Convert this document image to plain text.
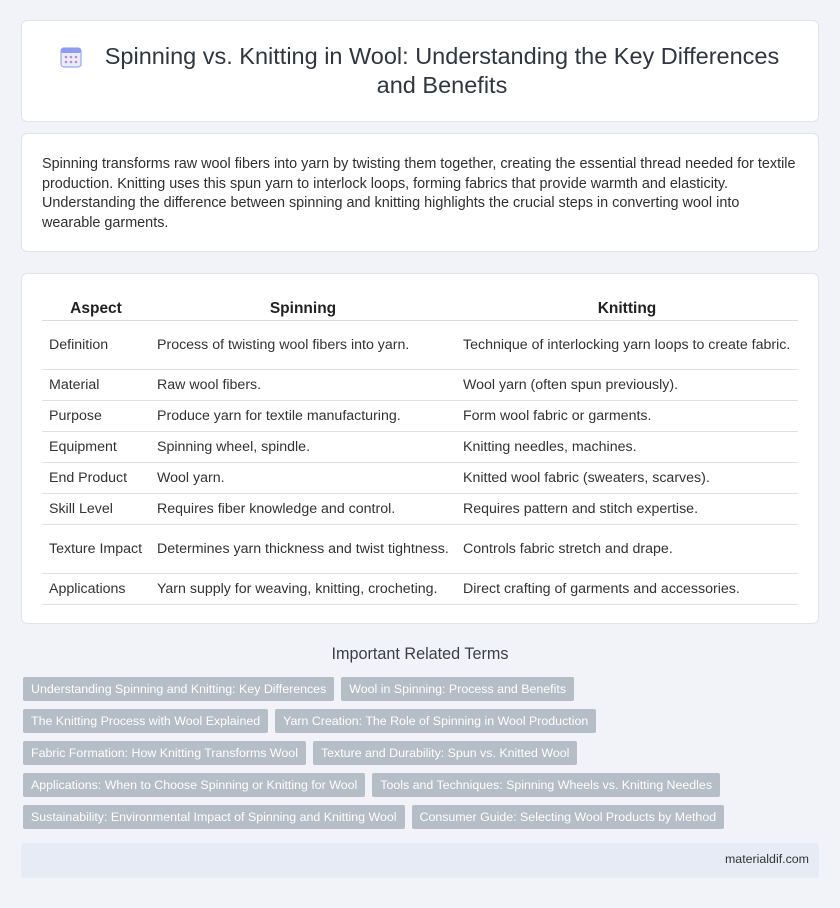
Spinning vs. Knitting in Wool: Understanding the Key Differences and Benefits

Spinning transforms raw wool fibers into yarn by twisting them together, creating the essential thread needed for textile production. Knitting uses this spun yarn to interlock loops, forming fabrics that provide warmth and elasticity. Understanding the difference between spinning and knitting highlights the crucial steps in converting wool into wearable garments.

Aspect	Spinning	Knitting
Definition	Process of twisting wool fibers into yarn.	Technique of interlocking yarn loops to create fabric.
Material	Raw wool fibers.	Wool yarn (often spun previously).
Purpose	Produce yarn for textile manufacturing.	Form wool fabric or garments.
Equipment	Spinning wheel, spindle.	Knitting needles, machines.
End Product	Wool yarn.	Knitted wool fabric (sweaters, scarves).
Skill Level	Requires fiber knowledge and control.	Requires pattern and stitch expertise.
Texture Impact	Determines yarn thickness and twist tightness.	Controls fabric stretch and drape.
Applications	Yarn supply for weaving, knitting, crocheting.	Direct crafting of garments and accessories.
Important Related Terms
Understanding Spinning and Knitting: Key Differences	Wool in Spinning: Process and Benefits
The Knitting Process with Wool Explained	Yarn Creation: The Role of Spinning in Wool Production
Fabric Formation: How Knitting Transforms Wool	Texture and Durability: Spun vs. Knitted Wool
Applications: When to Choose Spinning or Knitting for Wool	Tools and Techniques: Spinning Wheels vs. Knitting Needles
Sustainability: Environmental Impact of Spinning and Knitting Wool	Consumer Guide: Selecting Wool Products by Method
materialdif.com
